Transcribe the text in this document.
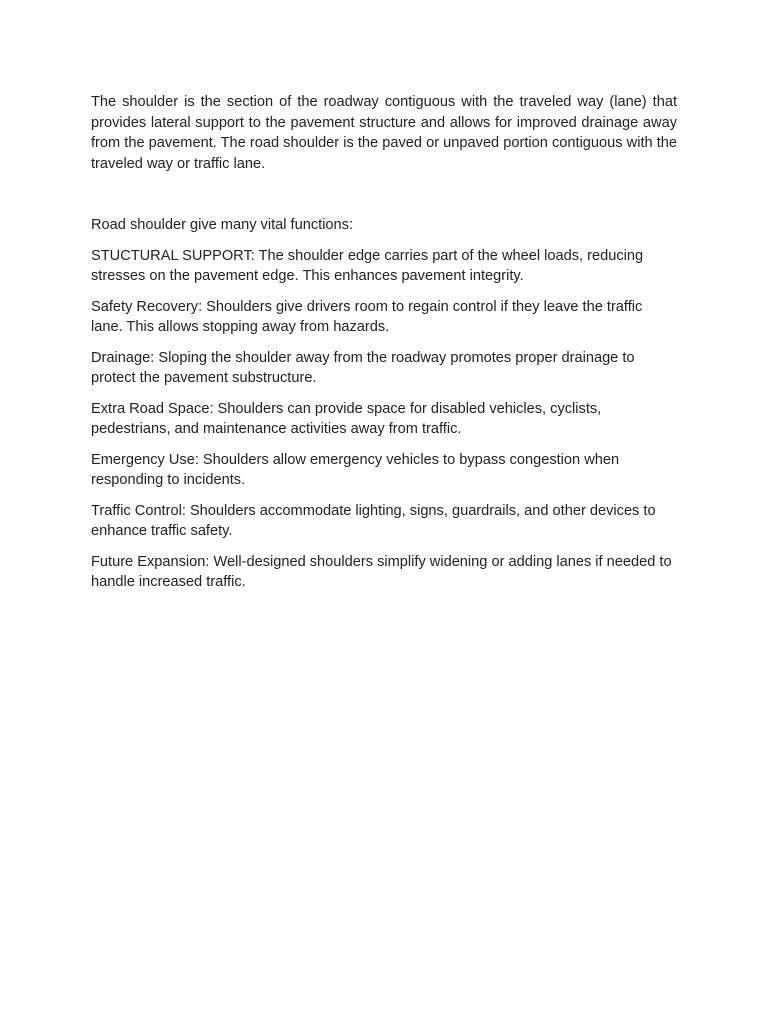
The shoulder is the section of the roadway contiguous with the traveled way (lane) that provides lateral support to the pavement structure and allows for improved drainage away from the pavement. The road shoulder is the paved or unpaved portion contiguous with the traveled way or traffic lane.

Road shoulder give many vital functions:

STUCTURAL SUPPORT: The shoulder edge carries part of the wheel loads, reducing stresses on the pavement edge. This enhances pavement integrity.

Safety Recovery: Shoulders give drivers room to regain control if they leave the traffic lane. This allows stopping away from hazards.

Drainage: Sloping the shoulder away from the roadway promotes proper drainage to protect the pavement substructure.

Extra Road Space: Shoulders can provide space for disabled vehicles, cyclists, pedestrians, and maintenance activities away from traffic.

Emergency Use: Shoulders allow emergency vehicles to bypass congestion when responding to incidents.

Traffic Control: Shoulders accommodate lighting, signs, guardrails, and other devices to enhance traffic safety.

Future Expansion: Well-designed shoulders simplify widening or adding lanes if needed to handle increased traffic.
